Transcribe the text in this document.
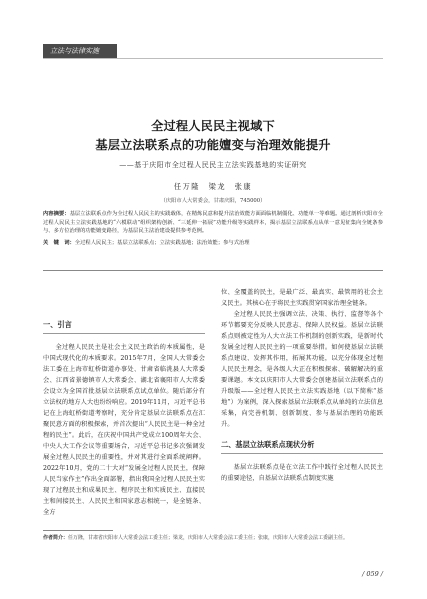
立法与法律实施
全过程人民民主视域下
基层立法联系点的功能嬗变与治理效能提升
——基于庆阳市全过程人民民主立法实践基地的实证研究
任万隆　梁龙　张康
（庆阳市人大常委会，甘肃庆阳，745000）
内容摘要：基层立法联系点作为全过程人民民主的实践载体，在精炼民意和提升法治效能方面面临机制僵化、功能单一等难题。通过剖析庆阳市全过程人民民主立法实践基地的“六模联动”组织架构创新、“三延伸一拓展”功能升级等实践样本，揭示基层立法联系点从单一意见征集向全链条参与、多方位治理的功能嬗变路径，为基层民主法治建设提供参考范例。
关　键　词：全过程人民民主；基层立法联系点；立法实践基地；法治效能；参与式治理
一、引言

全过程人民民主是社会主义民主政治的本质属性，是中国式现代化的本质要求。2015年7月，全国人大常委会法工委在上海市虹桥街道办事处、甘肃省临洮县人大常委会、江西省景德镇市人大常委会、湖北省襄阳市人大常委会设立为全国首批基层立法联系点试点单位。随后部分有立法权的地方人大也纷纷响应。2019年11月，习近平总书记在上海虹桥街道考察时，充分肯定基层立法联系点在汇聚民意方面的积极探索，并首次提出“人民民主是一种全过程的民主”。此后，在庆祝中国共产党成立100周年大会、中央人大工作会议等重要场合，习近平总书记多次强调发展全过程人民民主的重要性，并对其进行全面系统阐释。2022年10月，党的二十大对“发展全过程人民民主，保障人民当家作主”作出全面部署，指出我国全过程人民民主实现了过程民主和成果民主、程序民主和实质民主、直接民主和间接民主、人民民主和国家意志相统一，是全链条、全方

位、全覆盖的民主，是最广泛、最真实、最管用的社会主义民主。其核心在于将民主实践贯穿国家治理全链条。

全过程人民民主强调立法、决策、执行、监督等各个环节都要充分反映人民意志、保障人民权益。基层立法联系点则被定性为人大立法工作机制的创新实践，是新时代发展全过程人民民主的一项重要举措。如何使基层立法联系点建设、发挥其作用，拓展其功能，以充分体现全过程人民民主理念，是各级人大正在积极探索、破解解决的重要课题。本文以庆阳市人大常委会创建基层立法联系点的升级版——全过程人民民主立法实践基地（以下简称“基地”）为案例，深入探索基层立法联系点从单纯的立法信息采集，向完善机制、创新制度、参与基层治理的功能跃升。

二、基层立法联系点现状分析

基层立法联系点是在立法工作中践行全过程人民民主的重要途径，自基层立法联系点制度实施

作者简介：任万隆，甘肃省庆阳市人大常委会法工委主任；梁龙，庆阳市人大常委会法工委主任；张康，庆阳市人大常委会法工委副主任。
/ 059 /
